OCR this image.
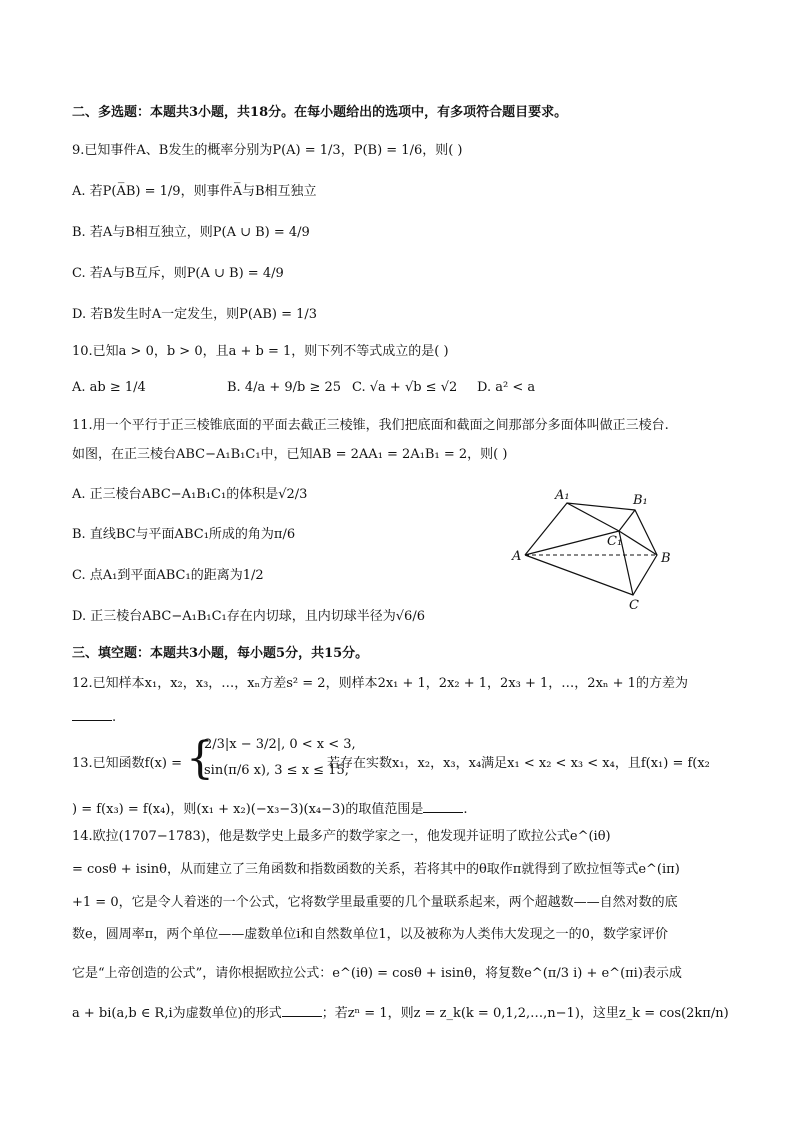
二、多选题：本题共3小题，共18分。在每小题给出的选项中，有多项符合题目要求。
9.已知事件A、B发生的概率分别为P(A) = 1/3，P(B) = 1/6，则( )
A. 若P(A̅B) = 1/9，则事件A̅与B相互独立
B. 若A与B相互独立，则P(A ∪ B) = 4/9
C. 若A与B互斥，则P(A ∪ B) = 4/9
D. 若B发生时A一定发生，则P(AB) = 1/3
10.已知a > 0，b > 0，且a + b = 1，则下列不等式成立的是( )
A. ab ≥ 1/4	B. 4/a + 9/b ≥ 25 C. √a + √b ≤ √2 D. a² < a
11.用一个平行于正三棱锥底面的平面去截正三棱锥，我们把底面和截面之间那部分多面体叫做正三棱台.
如图，在正三棱台ABC−A₁B₁C₁中，已知AB = 2AA₁ = 2A₁B₁ = 2，则( )
A. 正三棱台ABC−A₁B₁C₁的体积是√2/3
B. 直线BC与平面ABC₁所成的角为π/6
C. 点A₁到平面ABC₁的距离为1/2
D. 正三棱台ABC−A₁B₁C₁存在内切球，且内切球半径为√6/6
A₁	B₁
C₁
A	B
C
三、填空题：本题共3小题，每小题5分，共15分。
12.已知样本x₁，x₂，x₃，…，xₙ方差s² = 2，则样本2x₁ + 1，2x₂ + 1，2x₃ + 1，…，2xₙ + 1的方差为
.
13.已知函数f(x) = {
2/3|x − 3/2|, 0 < x < 3,
sin(π/6 x), 3 ≤ x ≤ 15,
若存在实数x₁，x₂，x₃，x₄满足x₁ < x₂ < x₃ < x₄，且f(x₁) = f(x₂
) = f(x₃) = f(x₄)，则(x₁ + x₂)(−x₃−3)(x₄−3)的取值范围是	.
14.欧拉(1707−1783)，他是数学史上最多产的数学家之一，他发现并证明了欧拉公式e^(iθ)
= cosθ + isinθ，从而建立了三角函数和指数函数的关系，若将其中的θ取作π就得到了欧拉恒等式e^(iπ)
+1 = 0，它是令人着迷的一个公式，它将数学里最重要的几个量联系起来，两个超越数——自然对数的底
数e，圆周率π，两个单位——虚数单位i和自然数单位1，以及被称为人类伟大发现之一的0，数学家评价
它是“上帝创造的公式”，请你根据欧拉公式：e^(iθ) = cosθ + isinθ，将复数e^(π/3 i) + e^(πi)表示成
a + bi(a,b ∈ R,i为虚数单位)的形式	；若zⁿ = 1，则z = z_k(k = 0,1,2,…,n−1)，这里z_k = cos(2kπ/n)
